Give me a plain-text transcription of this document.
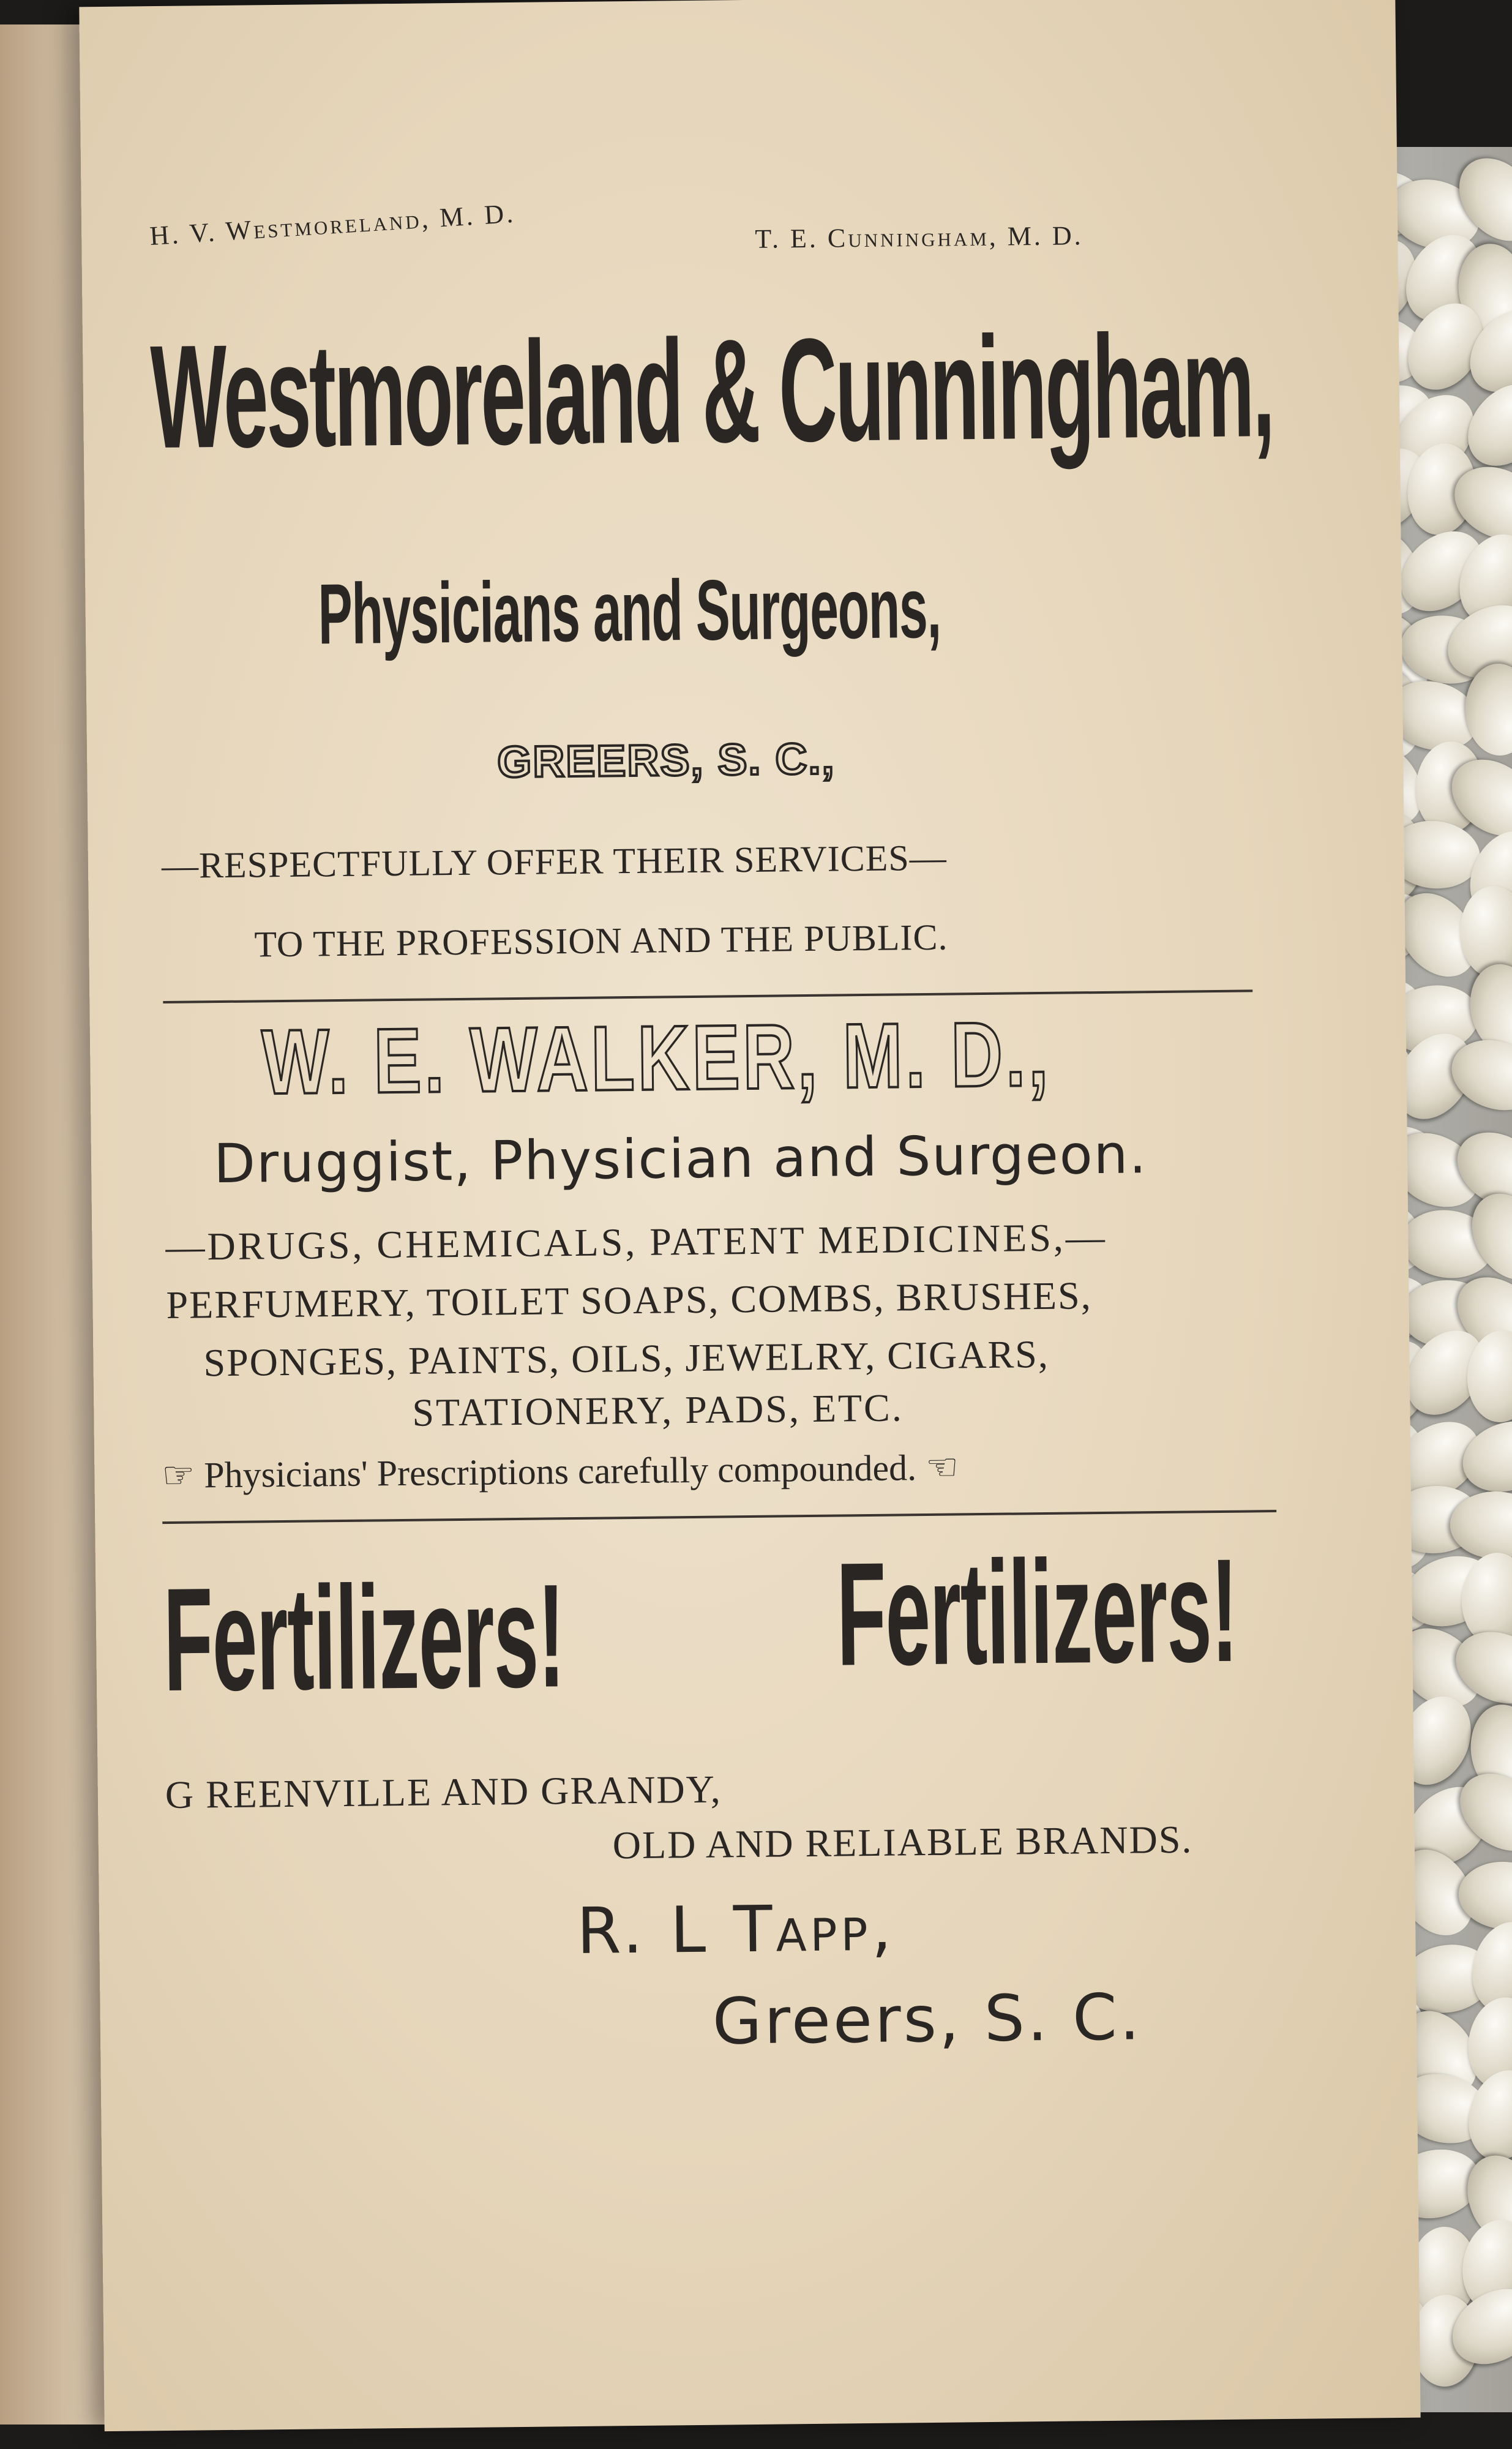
H. V. Westmoreland, M. D.	T. E. Cunningham, M. D.
Westmoreland & Cunningham,
Physicians and Surgeons,
GREERS, S. C.,
—RESPECTFULLY OFFER THEIR SERVICES—
TO THE PROFESSION AND THE PUBLIC.
W. E. WALKER, M. D.,
Druggist, Physician and Surgeon.
—DRUGS, CHEMICALS, PATENT MEDICINES,—
PERFUMERY, TOILET SOAPS, COMBS, BRUSHES,
SPONGES, PAINTS, OILS, JEWELRY, CIGARS,
STATIONERY, PADS, ETC.
☞ Physicians' Prescriptions carefully compounded. ☜
Fertilizers! Fertilizers!
G REENVILLE AND GRANDY,
OLD AND RELIABLE BRANDS.
R. L Tapp,
Greers, S. C.
